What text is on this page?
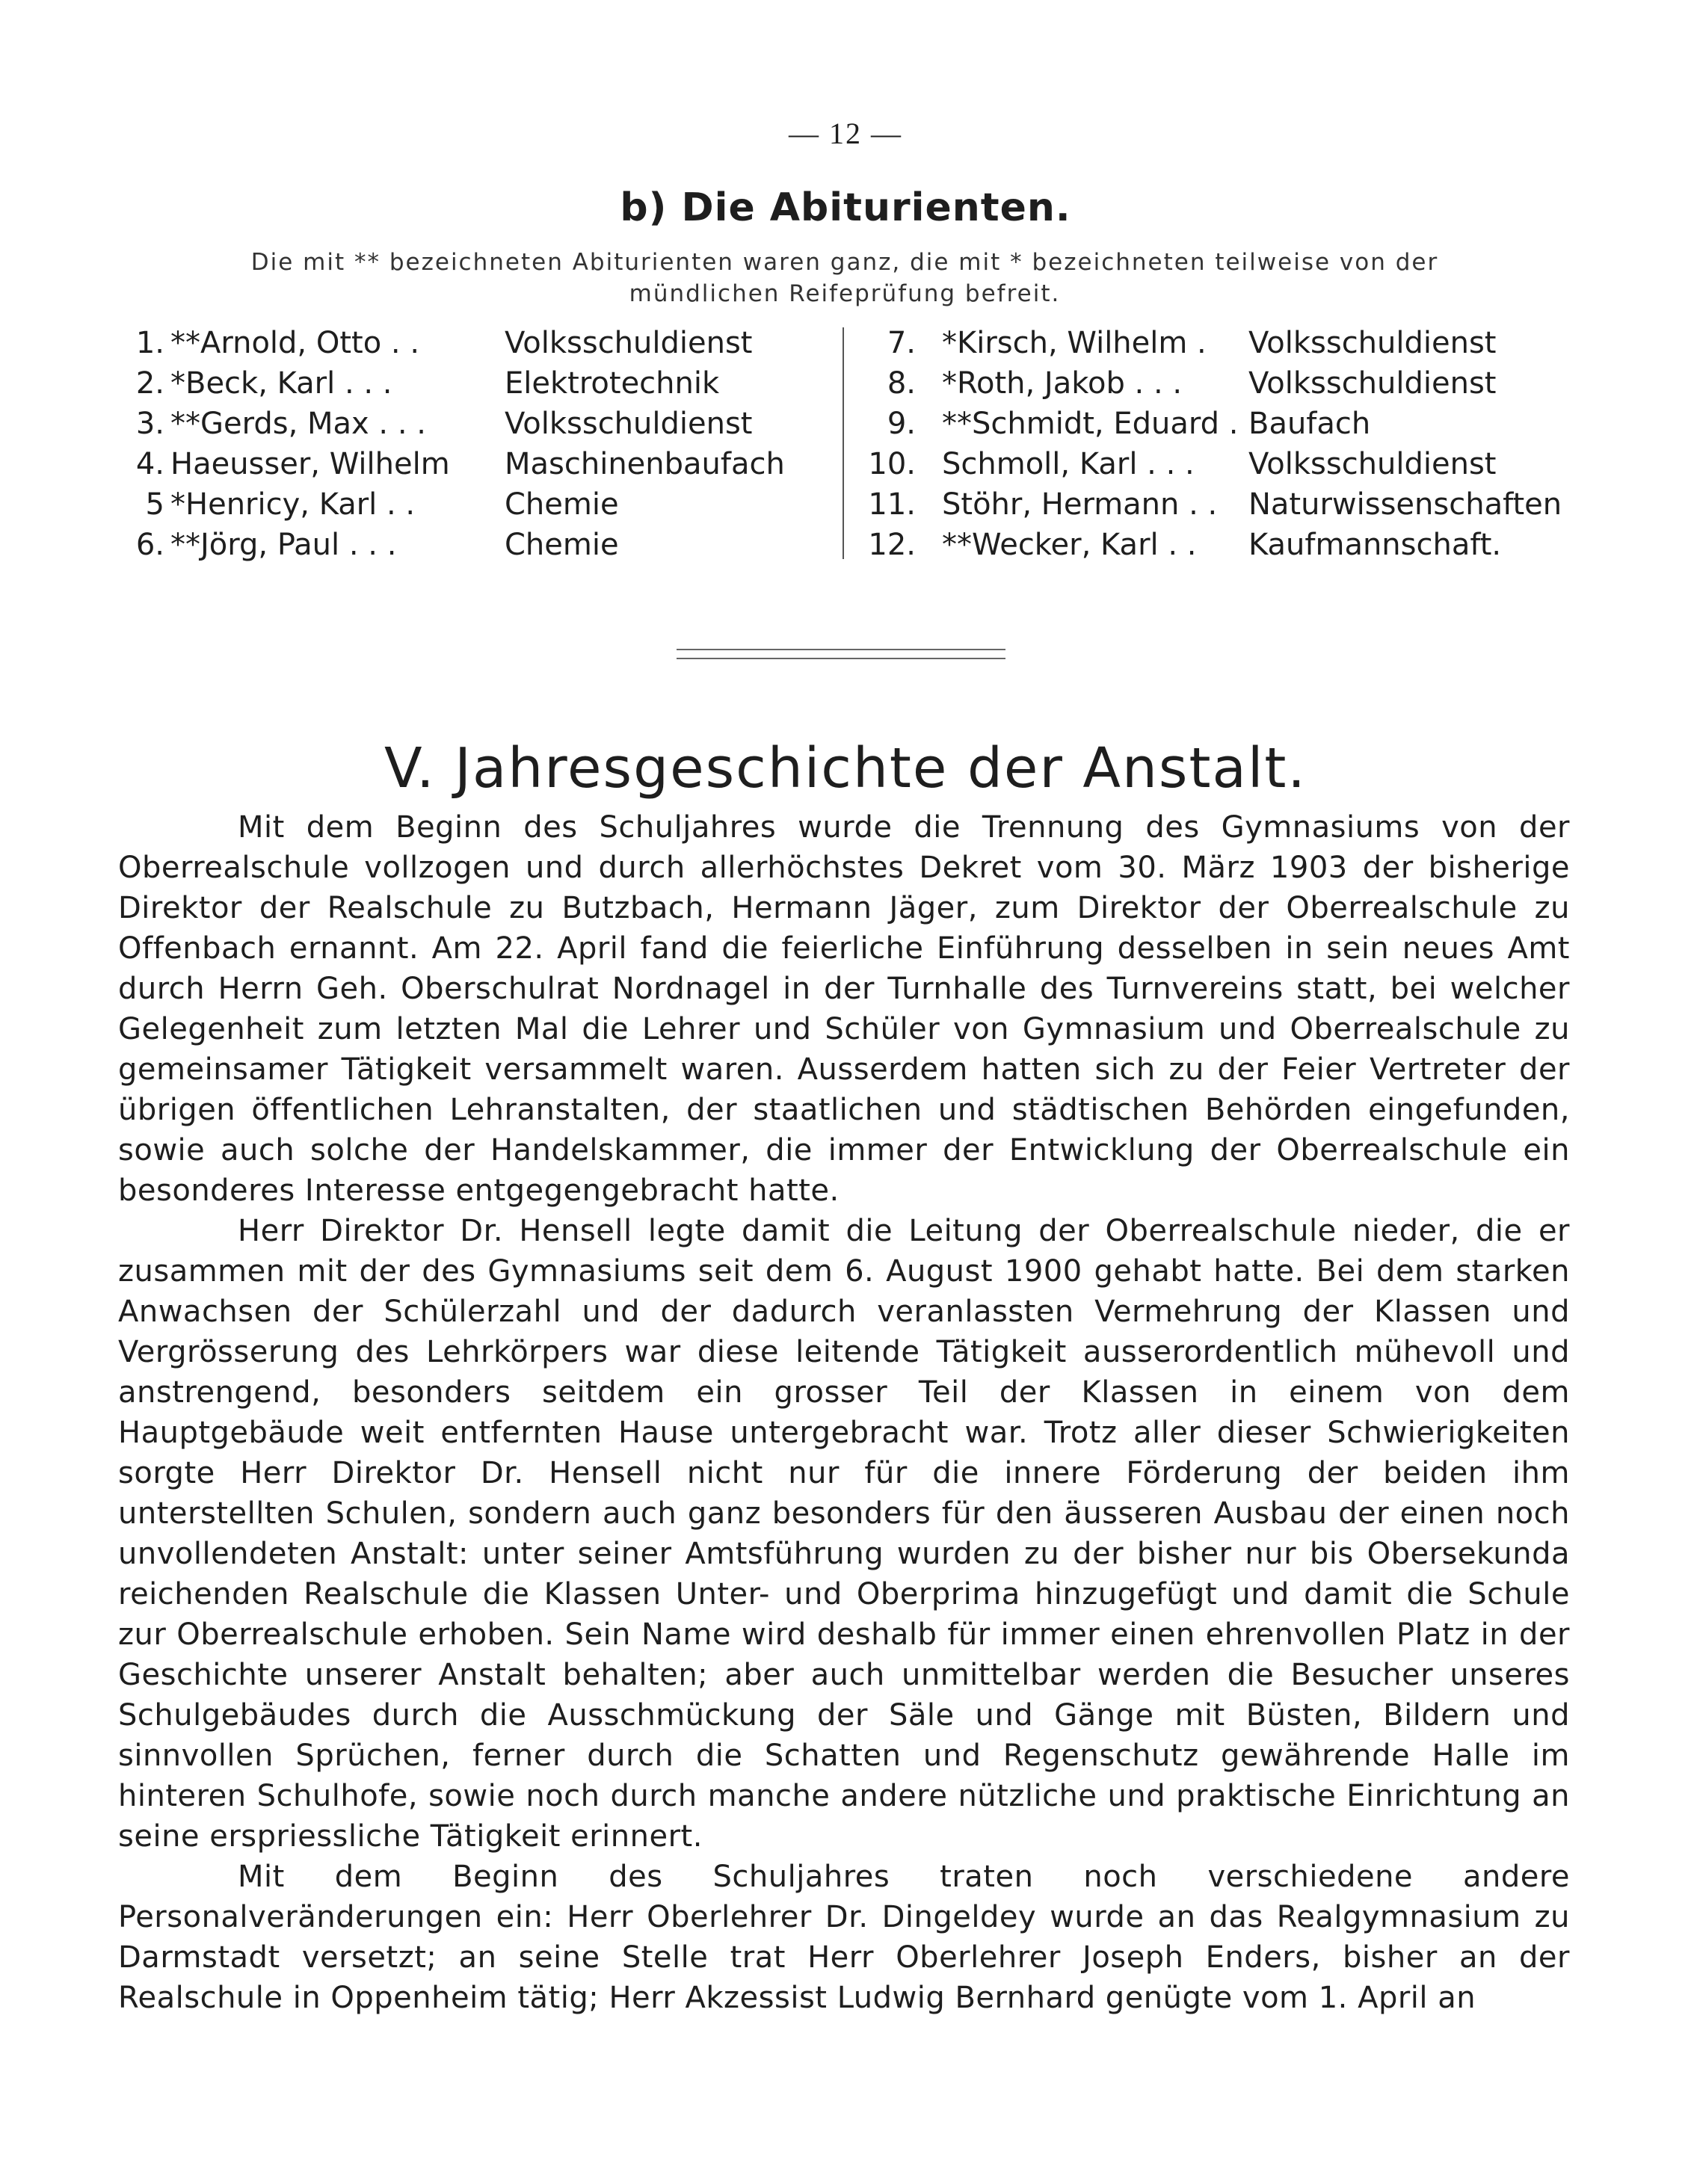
— 12 —
b) Die Abiturienten.
Die mit ** bezeichneten Abiturienten waren ganz, die mit * bezeichneten teilweise von der mündlichen Reifeprüfung befreit.
1. **Arnold, Otto . .	Volksschuldienst
2. *Beck, Karl . . .	Elektrotechnik
3. **Gerds, Max . . .	Volksschuldienst
4. Haeusser, Wilhelm Maschinenbaufach
5 *Henricy, Karl . .	Chemie
6. **Jörg, Paul . . .	Chemie
7. *Kirsch, Wilhelm . Volksschuldienst
8. *Roth, Jakob . . . Volksschuldienst
9. **Schmidt, Eduard . Baufach
10. Schmoll, Karl . . . Volksschuldienst
11. Stöhr, Hermann . . Naturwissenschaften
12. **Wecker, Karl . . Kaufmannschaft.
V. Jahresgeschichte der Anstalt.

Mit dem Beginn des Schuljahres wurde die Trennung des Gymnasiums von der Oberrealschule vollzogen und durch allerhöchstes Dekret vom 30. März 1903 der bisherige Direktor der Realschule zu Butzbach, Hermann Jäger, zum Direktor der Oberrealschule zu Offenbach ernannt. Am 22. April fand die feierliche Einführung desselben in sein neues Amt durch Herrn Geh. Oberschulrat Nordnagel in der Turnhalle des Turnvereins statt, bei welcher Gelegenheit zum letzten Mal die Lehrer und Schüler von Gymnasium und Oberrealschule zu gemeinsamer Tätigkeit versammelt waren. Ausserdem hatten sich zu der Feier Vertreter der übrigen öffentlichen Lehranstalten, der staatlichen und städtischen Behörden eingefunden, sowie auch solche der Handelskammer, die immer der Entwicklung der Oberrealschule ein besonderes Interesse entgegengebracht hatte.

Herr Direktor Dr. Hensell legte damit die Leitung der Oberrealschule nieder, die er zusammen mit der des Gymnasiums seit dem 6. August 1900 gehabt hatte. Bei dem starken Anwachsen der Schülerzahl und der dadurch veranlassten Vermehrung der Klassen und Vergrösserung des Lehrkörpers war diese leitende Tätigkeit ausserordentlich mühevoll und anstrengend, besonders seitdem ein grosser Teil der Klassen in einem von dem Hauptgebäude weit entfernten Hause untergebracht war. Trotz aller dieser Schwierigkeiten sorgte Herr Direktor Dr. Hensell nicht nur für die innere Förderung der beiden ihm unterstellten Schulen, sondern auch ganz besonders für den äusseren Ausbau der einen noch unvollendeten Anstalt: unter seiner Amtsführung wurden zu der bisher nur bis Obersekunda reichenden Realschule die Klassen Unter- und Oberprima hinzugefügt und damit die Schule zur Oberrealschule erhoben. Sein Name wird deshalb für immer einen ehrenvollen Platz in der Geschichte unserer Anstalt behalten; aber auch unmittelbar werden die Besucher unseres Schulgebäudes durch die Ausschmückung der Säle und Gänge mit Büsten, Bildern und sinnvollen Sprüchen, ferner durch die Schatten und Regenschutz gewährende Halle im hinteren Schulhofe, sowie noch durch manche andere nützliche und praktische Einrichtung an seine erspriessliche Tätigkeit erinnert.

Mit dem Beginn des Schuljahres traten noch verschiedene andere Personalveränderungen ein: Herr Oberlehrer Dr. Dingeldey wurde an das Realgymnasium zu Darmstadt versetzt; an seine Stelle trat Herr Oberlehrer Joseph Enders, bisher an der Realschule in Oppenheim tätig; Herr Akzessist Ludwig Bernhard genügte vom 1. April an
